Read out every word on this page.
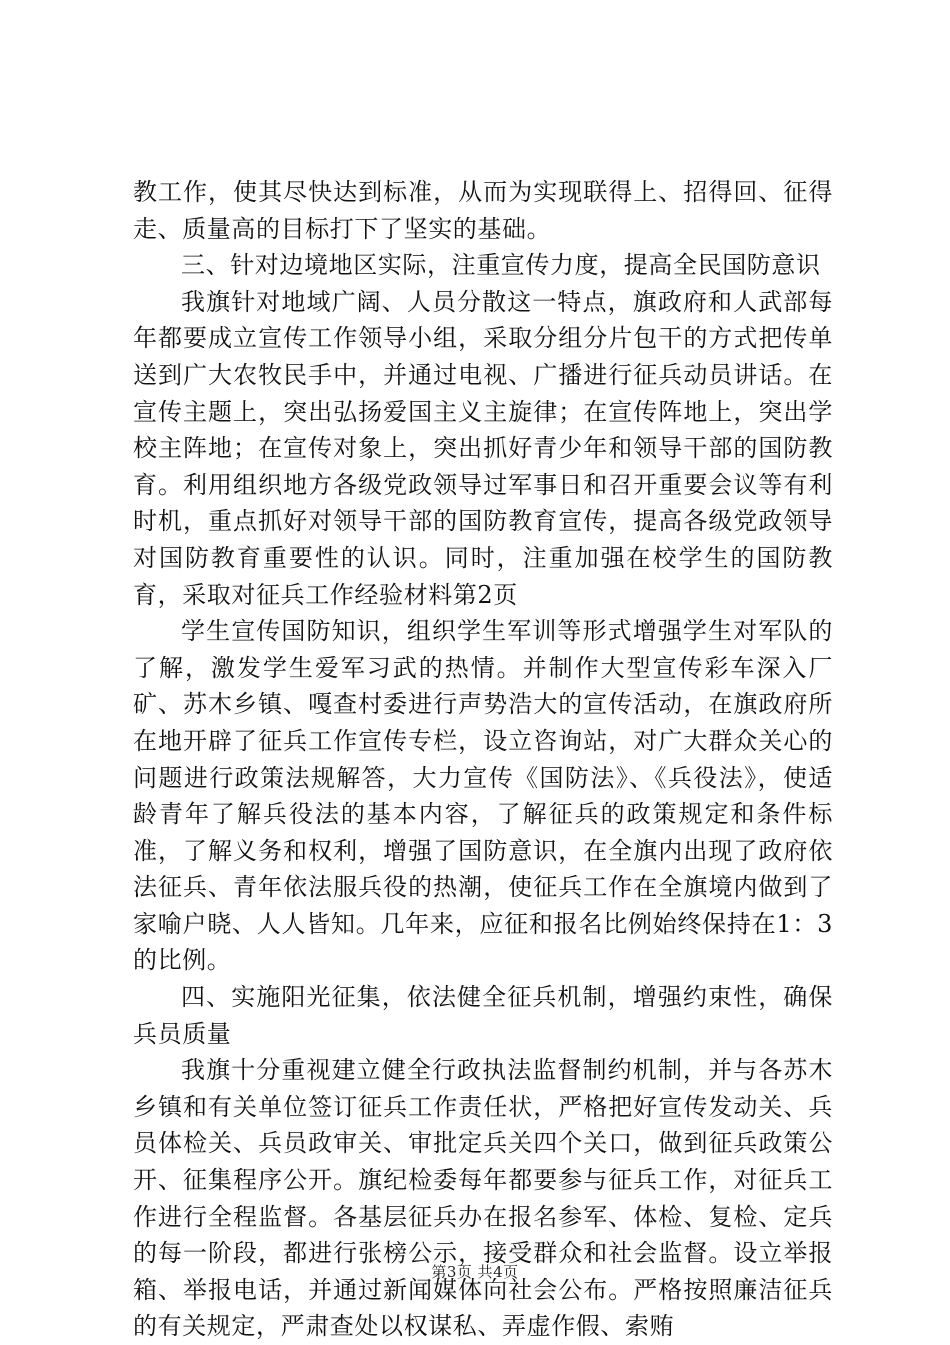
教工作，使其尽快达到标准，从而为实现联得上、招得回、征得走、质量高的目标打下了坚实的基础。

三、针对边境地区实际，注重宣传力度，提高全民国防意识

我旗针对地域广阔、人员分散这一特点，旗政府和人武部每年都要成立宣传工作领导小组，采取分组分片包干的方式把传单送到广大农牧民手中，并通过电视、广播进行征兵动员讲话。在宣传主题上，突出弘扬爱国主义主旋律；在宣传阵地上，突出学校主阵地；在宣传对象上，突出抓好青少年和领导干部的国防教育。利用组织地方各级党政领导过军事日和召开重要会议等有利时机，重点抓好对领导干部的国防教育宣传，提高各级党政领导对国防教育重要性的认识。同时，注重加强在校学生的国防教育，采取对征兵工作经验材料第2页

学生宣传国防知识，组织学生军训等形式增强学生对军队的了解，激发学生爱军习武的热情。并制作大型宣传彩车深入厂矿、苏木乡镇、嘎查村委进行声势浩大的宣传活动，在旗政府所在地开辟了征兵工作宣传专栏，设立咨询站，对广大群众关心的问题进行政策法规解答，大力宣传《国防法》、《兵役法》，使适龄青年了解兵役法的基本内容，了解征兵的政策规定和条件标准，了解义务和权利，增强了国防意识，在全旗内出现了政府依法征兵、青年依法服兵役的热潮，使征兵工作在全旗境内做到了家喻户晓、人人皆知。几年来，应征和报名比例始终保持在1：3的比例。

四、实施阳光征集，依法健全征兵机制，增强约束性，确保兵员质量

我旗十分重视建立健全行政执法监督制约机制，并与各苏木乡镇和有关单位签订征兵工作责任状，严格把好宣传发动关、兵员体检关、兵员政审关、审批定兵关四个关口，做到征兵政策公开、征集程序公开。旗纪检委每年都要参与征兵工作，对征兵工作进行全程监督。各基层征兵办在报名参军、体检、复检、定兵的每一阶段，都进行张榜公示，接受群众和社会监督。设立举报箱、举报电话，并通过新闻媒体向社会公布。严格按照廉洁征兵的有关规定，严肃查处以权谋私、弄虚作假、索贿

第3页 共4页
